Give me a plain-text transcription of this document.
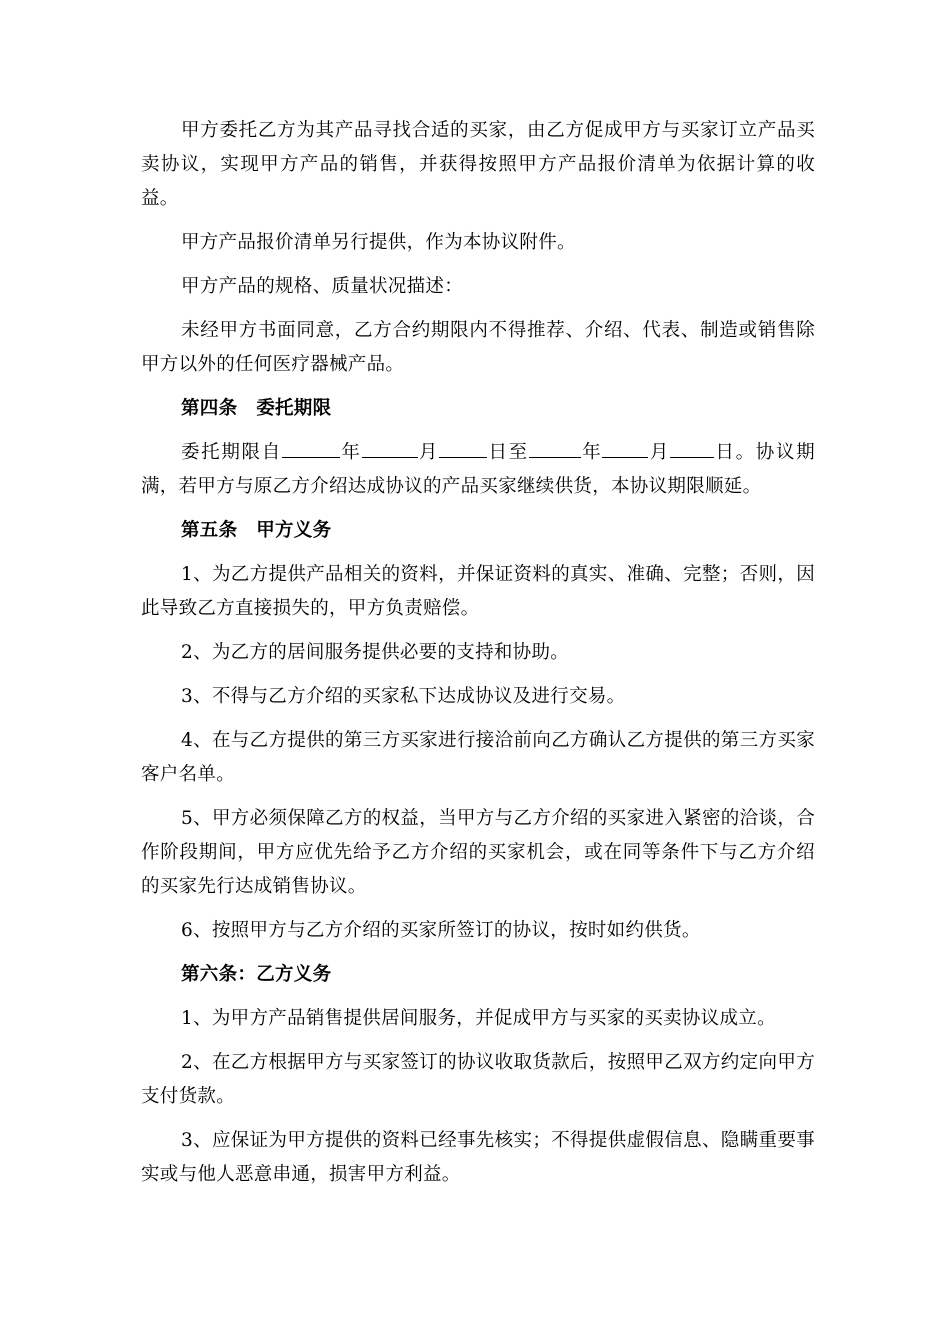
甲方委托乙方为其产品寻找合适的买家，由乙方促成甲方与买家订立产品买卖协议，实现甲方产品的销售，并获得按照甲方产品报价清单为依据计算的收益。

甲方产品报价清单另行提供，作为本协议附件。

甲方产品的规格、质量状况描述：

未经甲方书面同意，乙方合约期限内不得推荐、介绍、代表、制造或销售除甲方以外的任何医疗器械产品。

第四条　委托期限

委托期限自	年	月	日至	年 月 日。协议期满，若甲方与原乙方介绍达成协议的产品买家继续供货，本协议期限顺延。

第五条　甲方义务

1、为乙方提供产品相关的资料，并保证资料的真实、准确、完整；否则，因此导致乙方直接损失的，甲方负责赔偿。

2、为乙方的居间服务提供必要的支持和协助。

3、不得与乙方介绍的买家私下达成协议及进行交易。

4、在与乙方提供的第三方买家进行接洽前向乙方确认乙方提供的第三方买家客户名单。

5、甲方必须保障乙方的权益，当甲方与乙方介绍的买家进入紧密的洽谈，合作阶段期间，甲方应优先给予乙方介绍的买家机会，或在同等条件下与乙方介绍的买家先行达成销售协议。

6、按照甲方与乙方介绍的买家所签订的协议，按时如约供货。

第六条：乙方义务

1、为甲方产品销售提供居间服务，并促成甲方与买家的买卖协议成立。

2、在乙方根据甲方与买家签订的协议收取货款后，按照甲乙双方约定向甲方支付货款。

3、应保证为甲方提供的资料已经事先核实；不得提供虚假信息、隐瞒重要事实或与他人恶意串通，损害甲方利益。
